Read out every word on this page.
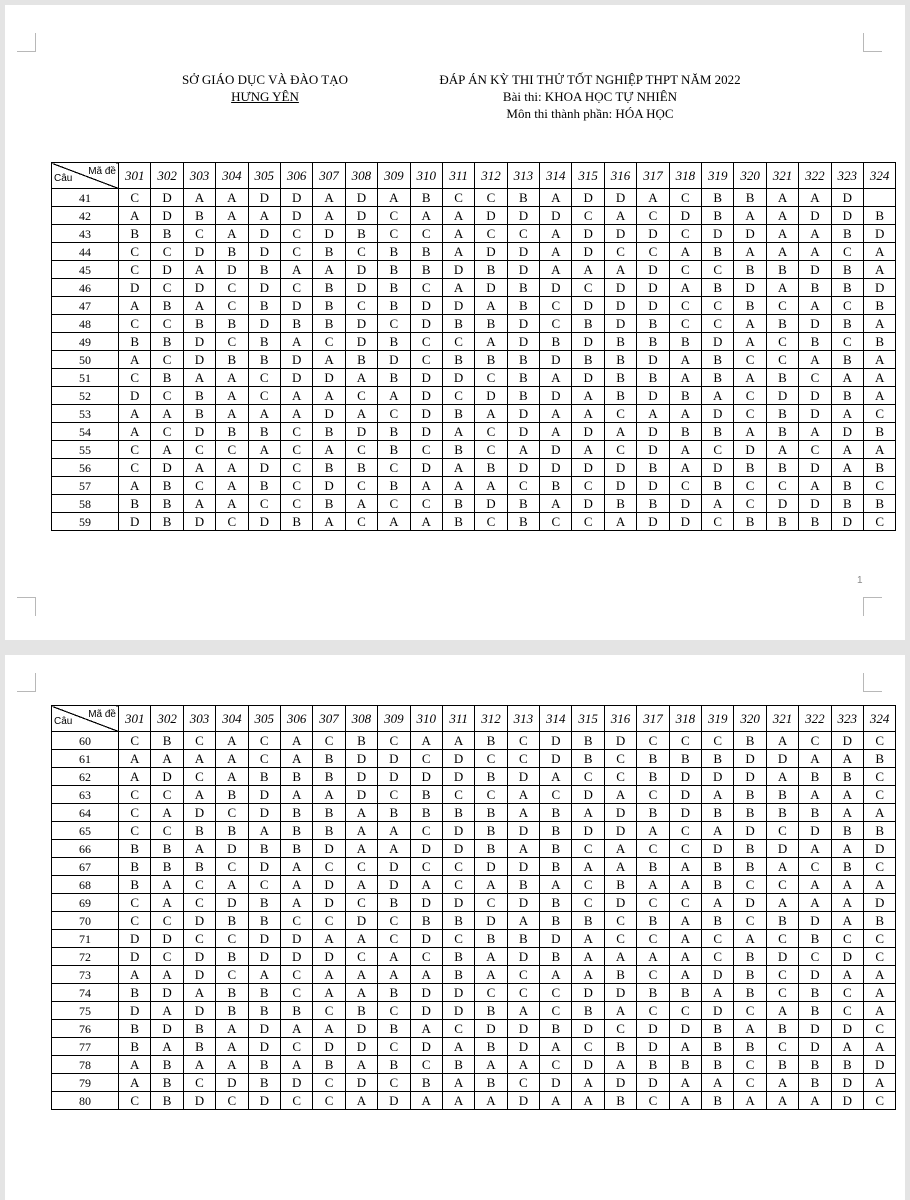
1
SỞ GIÁO DỤC VÀ ĐÀO TẠO
HƯNG YÊN
ĐÁP ÁN KỲ THI THỬ TỐT NGHIỆP THPT NĂM 2022
Bài thi: KHOA HỌC TỰ NHIÊN
Môn thi thành phần: HÓA HỌC
Mã đề
Câu	301	302	303	304	305	306	307	308	309	310	311	312	313	314	315	316	317	318	319	320	321	322	323	324
41	C	D	A	A	D	D	A	D	A	B	C	C	B	A	D	D	A	C	B	B	A	A	D	
42	A	D	B	A	A	D	A	D	C	A	A	D	D	D	C	A	C	D	B	A	A	D	D	B
43	B	B	C	A	D	C	D	B	C	C	A	C	C	A	D	D	D	C	D	D	A	A	B	D
44	C	C	D	B	D	C	B	C	B	B	A	D	D	A	D	C	C	A	B	A	A	A	C	A
45	C	D	A	D	B	A	A	D	B	B	D	B	D	A	A	A	D	C	C	B	B	D	B	A
46	D	C	D	C	D	C	B	D	B	C	A	D	B	D	C	D	D	A	B	D	A	B	B	D
47	A	B	A	C	B	D	B	C	B	D	D	A	B	C	D	D	D	C	C	B	C	A	C	B
48	C	C	B	B	D	B	B	D	C	D	B	B	D	C	B	D	B	C	C	A	B	D	B	A
49	B	B	D	C	B	A	C	D	B	C	C	A	D	B	D	B	B	B	D	A	C	B	C	B
50	A	C	D	B	B	D	A	B	D	C	B	B	B	D	B	B	D	A	B	C	C	A	B	A
51	C	B	A	A	C	D	D	A	B	D	D	C	B	A	D	B	B	A	B	A	B	C	A	A
52	D	C	B	A	C	A	A	C	A	D	C	D	B	D	A	B	D	B	A	C	D	D	B	A
53	A	A	B	A	A	A	D	A	C	D	B	A	D	A	A	C	A	A	D	C	B	D	A	C
54	A	C	D	B	B	C	B	D	B	D	A	C	D	A	D	A	D	B	B	A	B	A	D	B
55	C	A	C	C	A	C	A	C	B	C	B	C	A	D	A	C	D	A	C	D	A	C	A	A
56	C	D	A	A	D	C	B	B	C	D	A	B	D	D	D	D	B	A	D	B	B	D	A	B
57	A	B	C	A	B	C	D	C	B	A	A	A	C	B	C	D	D	C	B	C	C	A	B	C
58	B	B	A	A	C	C	B	A	C	C	B	D	B	A	D	B	B	D	A	C	D	D	B	B
59	D	B	D	C	D	B	A	C	A	A	B	C	B	C	C	A	D	D	C	B	B	B	D	C
Mã đề
Câu	301	302	303	304	305	306	307	308	309	310	311	312	313	314	315	316	317	318	319	320	321	322	323	324
60	C	B	C	A	C	A	C	B	C	A	A	B	C	D	B	D	C	C	C	B	A	C	D	C
61	A	A	A	A	C	A	B	D	D	C	D	C	C	D	B	C	B	B	B	D	D	A	A	B
62	A	D	C	A	B	B	B	D	D	D	D	B	D	A	C	C	B	D	D	D	A	B	B	C
63	C	C	A	B	D	A	A	D	C	B	C	C	A	C	D	A	C	D	A	B	B	A	A	C
64	C	A	D	C	D	B	B	A	B	B	B	B	A	B	A	D	B	D	B	B	B	B	A	A
65	C	C	B	B	A	B	B	A	A	C	D	B	D	B	D	D	A	C	A	D	C	D	B	B
66	B	B	A	D	B	B	D	A	A	D	D	B	A	B	C	A	C	C	D	B	D	A	A	D
67	B	B	B	C	D	A	C	C	D	C	C	D	D	B	A	A	B	A	B	B	A	C	B	C
68	B	A	C	A	C	A	D	A	D	A	C	A	B	A	C	B	A	A	B	C	C	A	A	A
69	C	A	C	D	B	A	D	C	B	D	D	C	D	B	C	D	C	C	A	D	A	A	A	D
70	C	C	D	B	B	C	C	D	C	B	B	D	A	B	B	C	B	A	B	C	B	D	A	B
71	D	D	C	C	D	D	A	A	C	D	C	B	B	D	A	C	C	A	C	A	C	B	C	C
72	D	C	D	B	D	D	D	C	A	C	B	A	D	B	A	A	A	A	C	B	D	C	D	C
73	A	A	D	C	A	C	A	A	A	A	B	A	C	A	A	B	C	A	D	B	C	D	A	A
74	B	D	A	B	B	C	A	A	B	D	D	C	C	C	D	D	B	B	A	B	C	B	C	A
75	D	A	D	B	B	B	C	B	C	D	D	B	A	C	B	A	C	C	D	C	A	B	C	A
76	B	D	B	A	D	A	A	D	B	A	C	D	D	B	D	C	D	D	B	A	B	D	D	C
77	B	A	B	A	D	C	D	D	C	D	A	B	D	A	C	B	D	A	B	B	C	D	A	A
78	A	B	A	A	B	A	B	A	B	C	B	A	A	C	D	A	B	B	B	C	B	B	B	D
79	A	B	C	D	B	D	C	D	C	B	A	B	C	D	A	D	D	A	A	C	A	B	D	A
80	C	B	D	C	D	C	C	A	D	A	A	A	D	A	A	B	C	A	B	A	A	A	D	C
